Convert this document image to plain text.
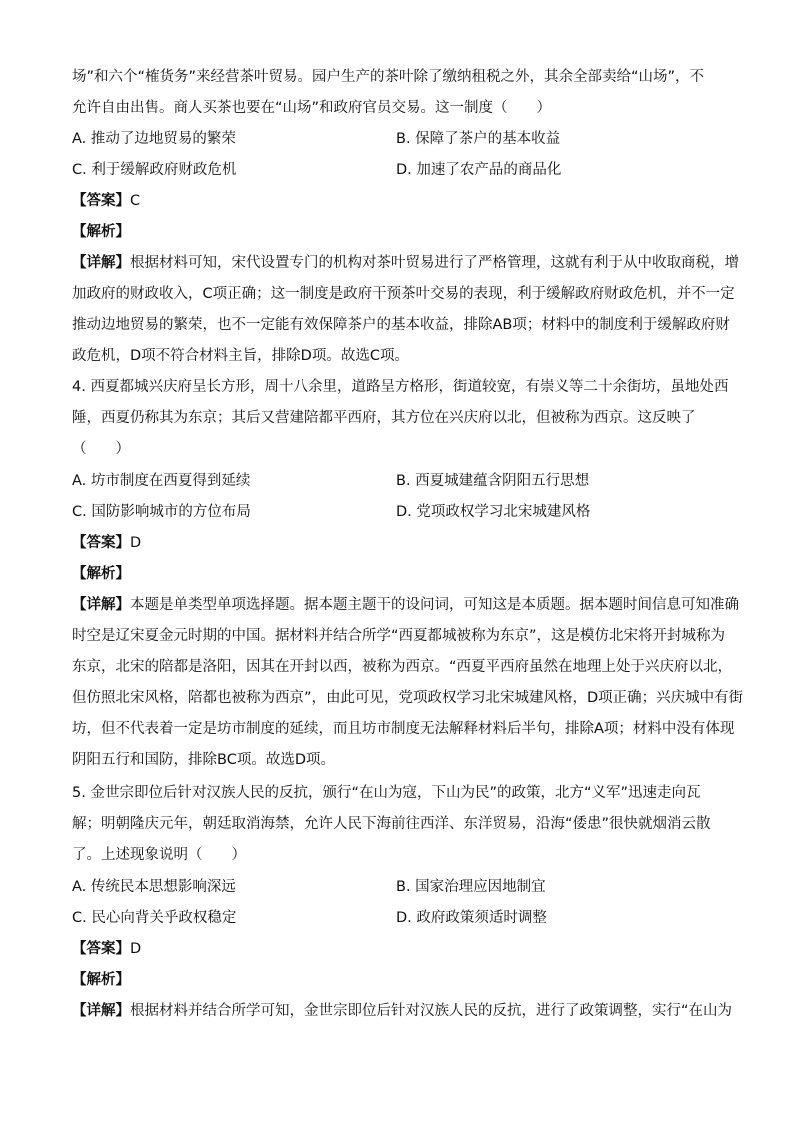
场”和六个“榷货务”来经营茶叶贸易。园户生产的茶叶除了缴纳租税之外，其余全部卖给“山场”，不
允许自由出售。商人买茶也要在“山场”和政府官员交易。这一制度（　　）
A. 推动了边地贸易的繁荣	B. 保障了茶户的基本收益
C. 利于缓解政府财政危机	D. 加速了农产品的商品化
【答案】C
【解析】
【详解】根据材料可知，宋代设置专门的机构对茶叶贸易进行了严格管理，这就有利于从中收取商税，增
加政府的财政收入，C项正确；这一制度是政府干预茶叶交易的表现，利于缓解政府财政危机，并不一定
推动边地贸易的繁荣，也不一定能有效保障茶户的基本收益，排除AB项；材料中的制度利于缓解政府财
政危机，D项不符合材料主旨，排除D项。故选C项。
4. 西夏都城兴庆府呈长方形，周十八余里，道路呈方格形，街道较宽，有崇义等二十余街坊，虽地处西
陲，西夏仍称其为东京；其后又营建陪都平西府，其方位在兴庆府以北，但被称为西京。这反映了
（　　）
A. 坊市制度在西夏得到延续	B. 西夏城建蕴含阴阳五行思想
C. 国防影响城市的方位布局	D. 党项政权学习北宋城建风格
【答案】D
【解析】
【详解】本题是单类型单项选择题。据本题主题干的设问词，可知这是本质题。据本题时间信息可知准确
时空是辽宋夏金元时期的中国。据材料并结合所学“西夏都城被称为东京”，这是模仿北宋将开封城称为
东京，北宋的陪都是洛阳，因其在开封以西，被称为西京。“西夏平西府虽然在地理上处于兴庆府以北，
但仿照北宋风格，陪都也被称为西京”，由此可见，党项政权学习北宋城建风格，D项正确；兴庆城中有街
坊，但不代表着一定是坊市制度的延续，而且坊市制度无法解释材料后半句，排除A项；材料中没有体现
阴阳五行和国防，排除BC项。故选D项。
5. 金世宗即位后针对汉族人民的反抗，颁行“在山为寇，下山为民”的政策，北方“义军”迅速走向瓦
解；明朝隆庆元年，朝廷取消海禁，允许人民下海前往西洋、东洋贸易，沿海“倭患”很快就烟消云散
了。上述现象说明（　　）
A. 传统民本思想影响深远	B. 国家治理应因地制宜
C. 民心向背关乎政权稳定	D. 政府政策须适时调整
【答案】D
【解析】
【详解】根据材料并结合所学可知，金世宗即位后针对汉族人民的反抗，进行了政策调整，实行“在山为
